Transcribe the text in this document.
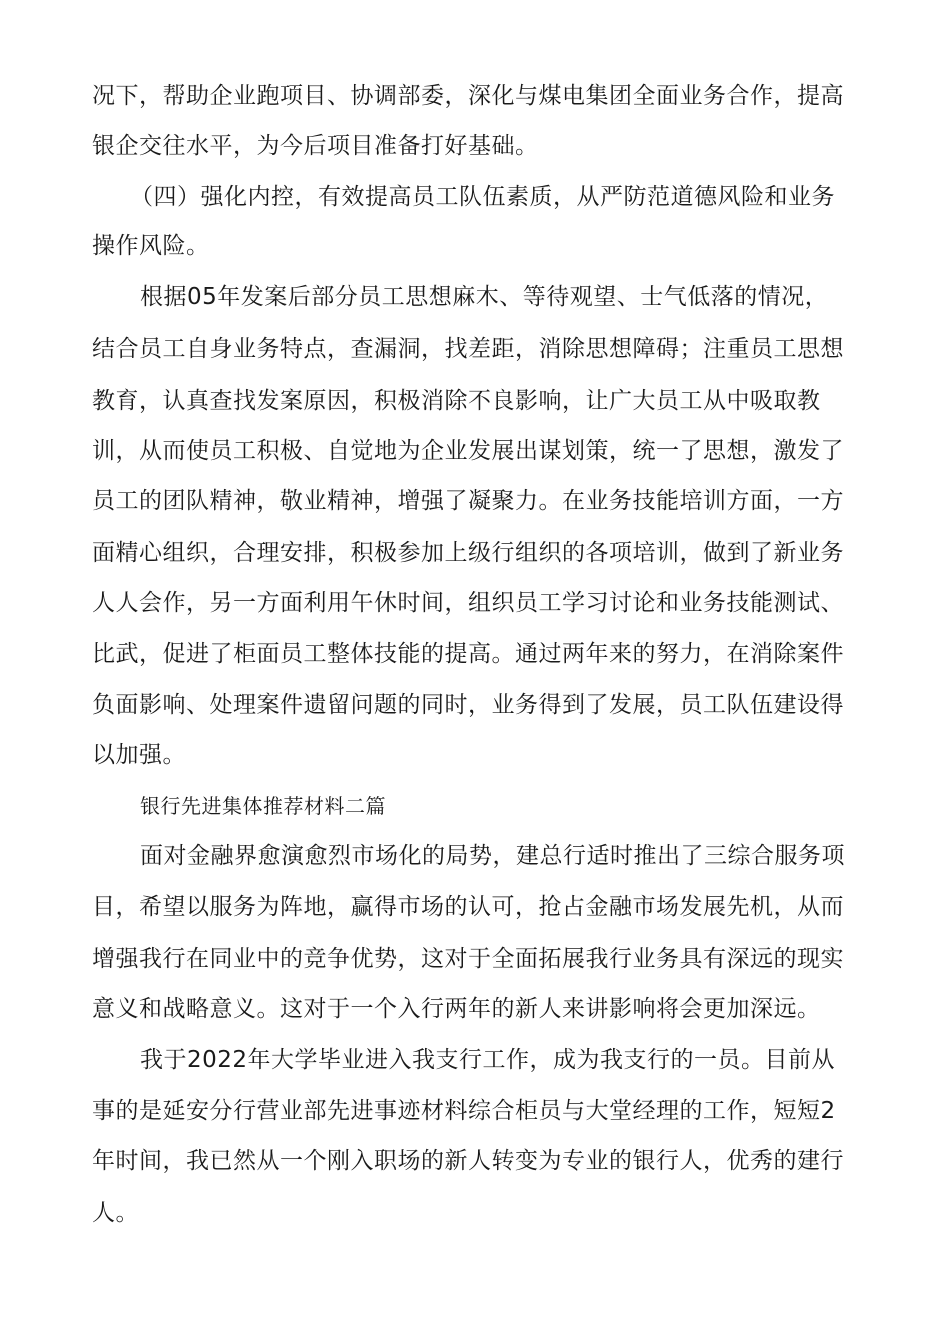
况下，帮助企业跑项目、协调部委，深化与煤电集团全面业务合作，提高
银企交往水平，为今后项目准备打好基础。
（四）强化内控，有效提高员工队伍素质，从严防范道德风险和业务
操作风险。
根据05年发案后部分员工思想麻木、等待观望、士气低落的情况，
结合员工自身业务特点，查漏洞，找差距，消除思想障碍；注重员工思想
教育，认真查找发案原因，积极消除不良影响，让广大员工从中吸取教
训，从而使员工积极、自觉地为企业发展出谋划策，统一了思想，激发了
员工的团队精神，敬业精神，增强了凝聚力。在业务技能培训方面，一方
面精心组织，合理安排，积极参加上级行组织的各项培训，做到了新业务
人人会作，另一方面利用午休时间，组织员工学习讨论和业务技能测试、
比武，促进了柜面员工整体技能的提高。通过两年来的努力，在消除案件
负面影响、处理案件遗留问题的同时，业务得到了发展，员工队伍建设得
以加强。
银行先进集体推荐材料二篇
面对金融界愈演愈烈市场化的局势，建总行适时推出了三综合服务项
目，希望以服务为阵地，赢得市场的认可，抢占金融市场发展先机，从而
增强我行在同业中的竞争优势，这对于全面拓展我行业务具有深远的现实
意义和战略意义。这对于一个入行两年的新人来讲影响将会更加深远。
我于2022年大学毕业进入我支行工作，成为我支行的一员。目前从
事的是延安分行营业部先进事迹材料综合柜员与大堂经理的工作，短短2
年时间，我已然从一个刚入职场的新人转变为专业的银行人，优秀的建行
人。
